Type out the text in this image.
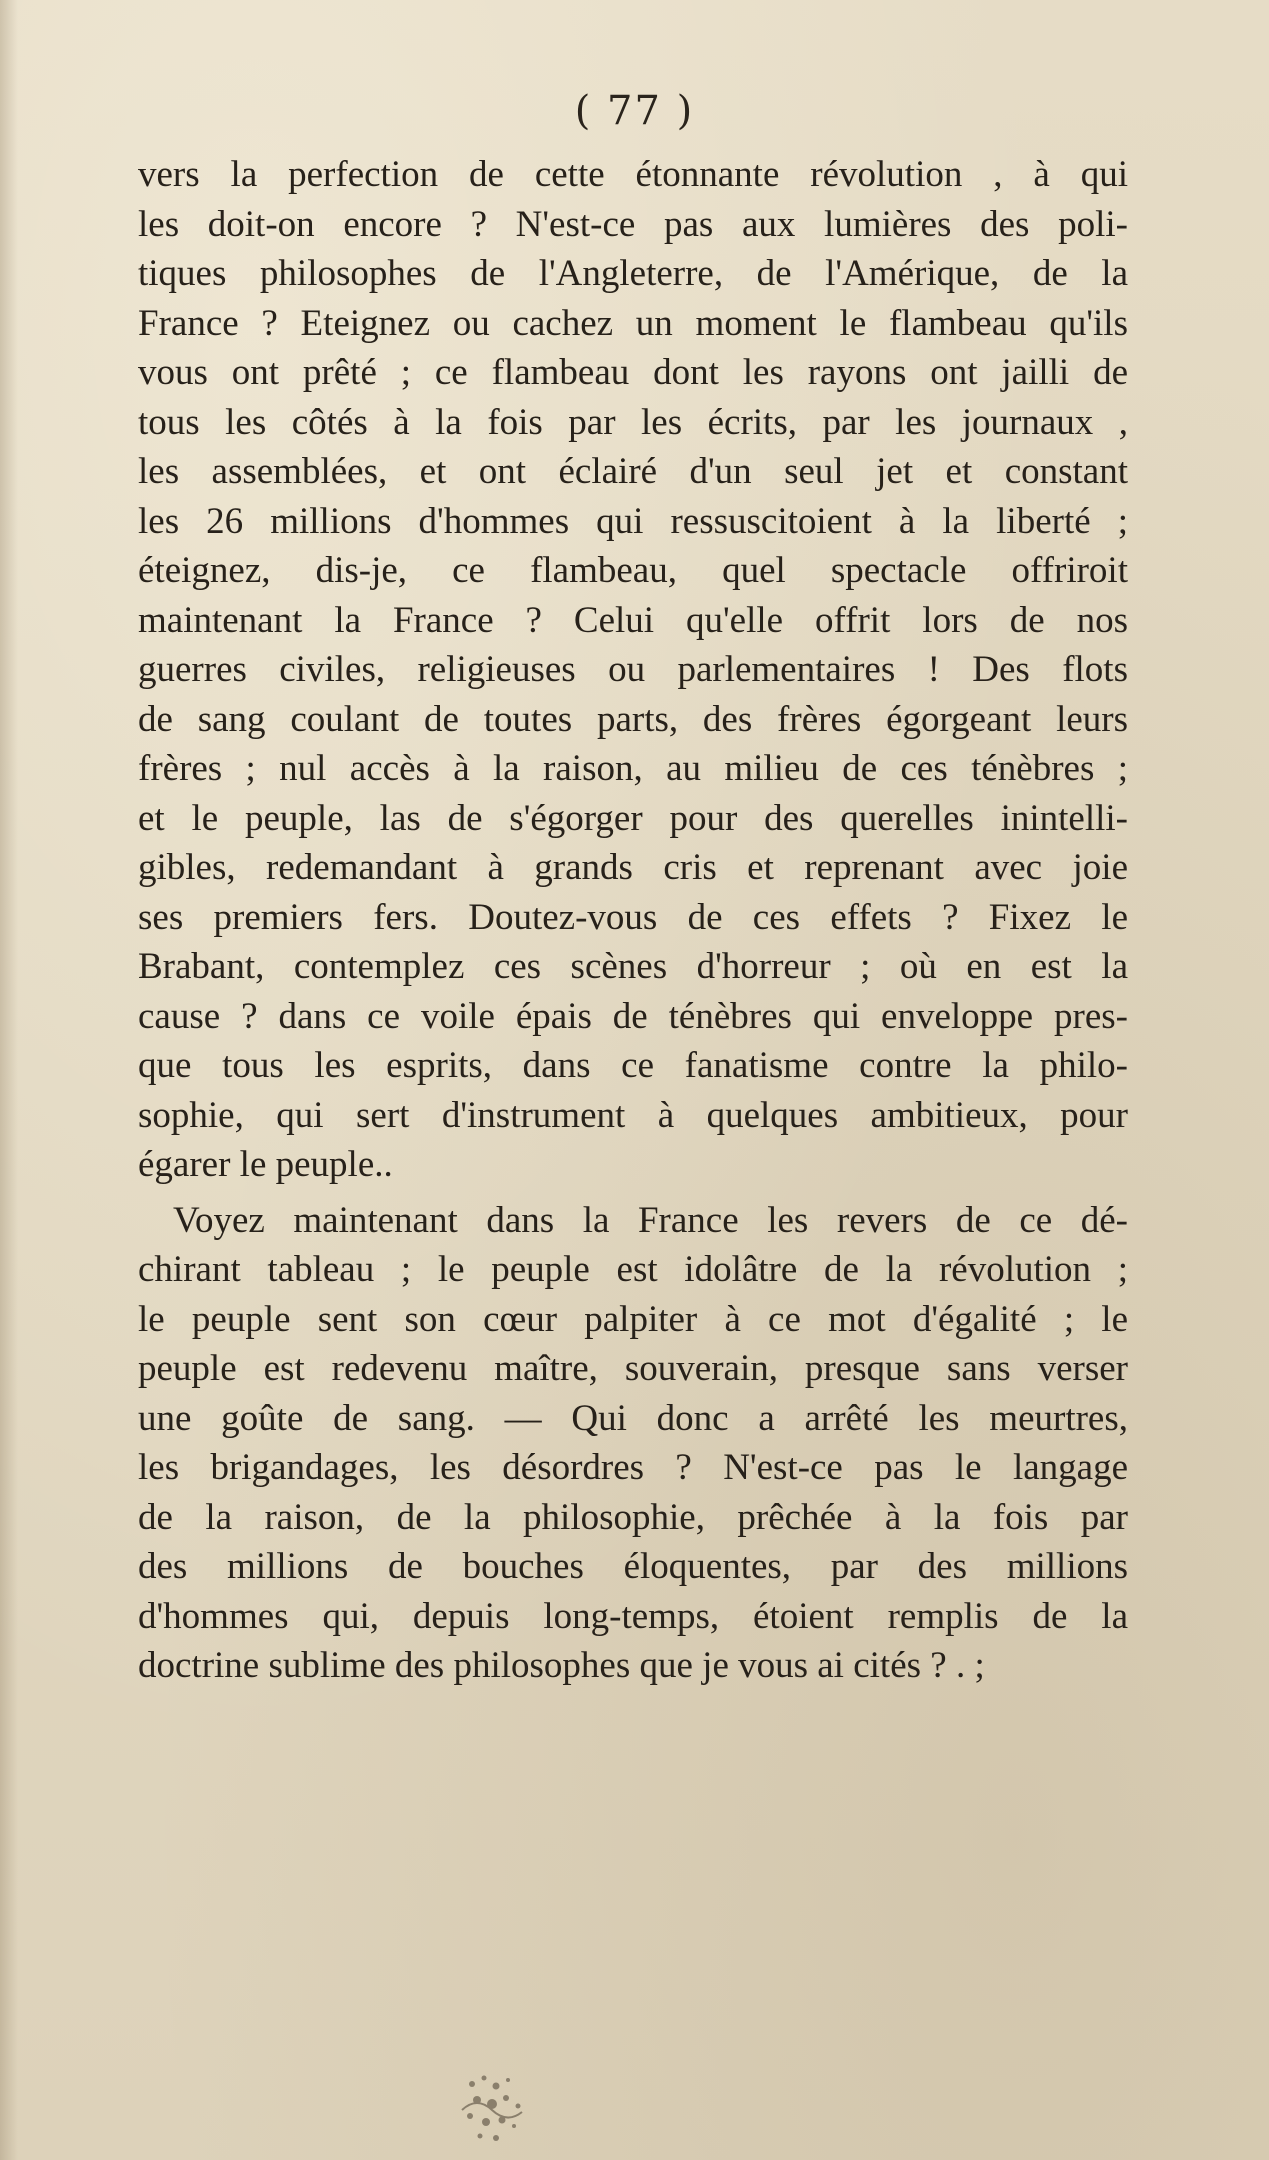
( 77 )
vers la perfection de cette étonnante révolution , à qui
les doit-on encore ? N'est-ce pas aux lumières des poli-
tiques philosophes de l'Angleterre, de l'Amérique, de la
France ? Eteignez ou cachez un moment le flambeau qu'ils
vous ont prêté ; ce flambeau dont les rayons ont jailli de
tous les côtés à la fois par les écrits, par les journaux ,
les assemblées, et ont éclairé d'un seul jet et constant
les 26 millions d'hommes qui ressuscitoient à la liberté ;
éteignez, dis-je, ce flambeau, quel spectacle offriroit
maintenant la France ? Celui qu'elle offrit lors de nos
guerres civiles, religieuses ou parlementaires ! Des flots
de sang coulant de toutes parts, des frères égorgeant leurs
frères ; nul accès à la raison, au milieu de ces ténèbres ;
et le peuple, las de s'égorger pour des querelles inintelli-
gibles, redemandant à grands cris et reprenant avec joie
ses premiers fers. Doutez-vous de ces effets ? Fixez le
Brabant, contemplez ces scènes d'horreur ; où en est la
cause ? dans ce voile épais de ténèbres qui enveloppe pres-
que tous les esprits, dans ce fanatisme contre la philo-
sophie, qui sert d'instrument à quelques ambitieux, pour
égarer le peuple..
Voyez maintenant dans la France les revers de ce dé-
chirant tableau ; le peuple est idolâtre de la révolution ;
le peuple sent son cœur palpiter à ce mot d'égalité ; le
peuple est redevenu maître, souverain, presque sans verser
une goûte de sang. — Qui donc a arrêté les meurtres,
les brigandages, les désordres ? N'est-ce pas le langage
de la raison, de la philosophie, prêchée à la fois par
des millions de bouches éloquentes, par des millions
d'hommes qui, depuis long-temps, étoient remplis de la
doctrine sublime des philosophes que je vous ai cités ? . ;
